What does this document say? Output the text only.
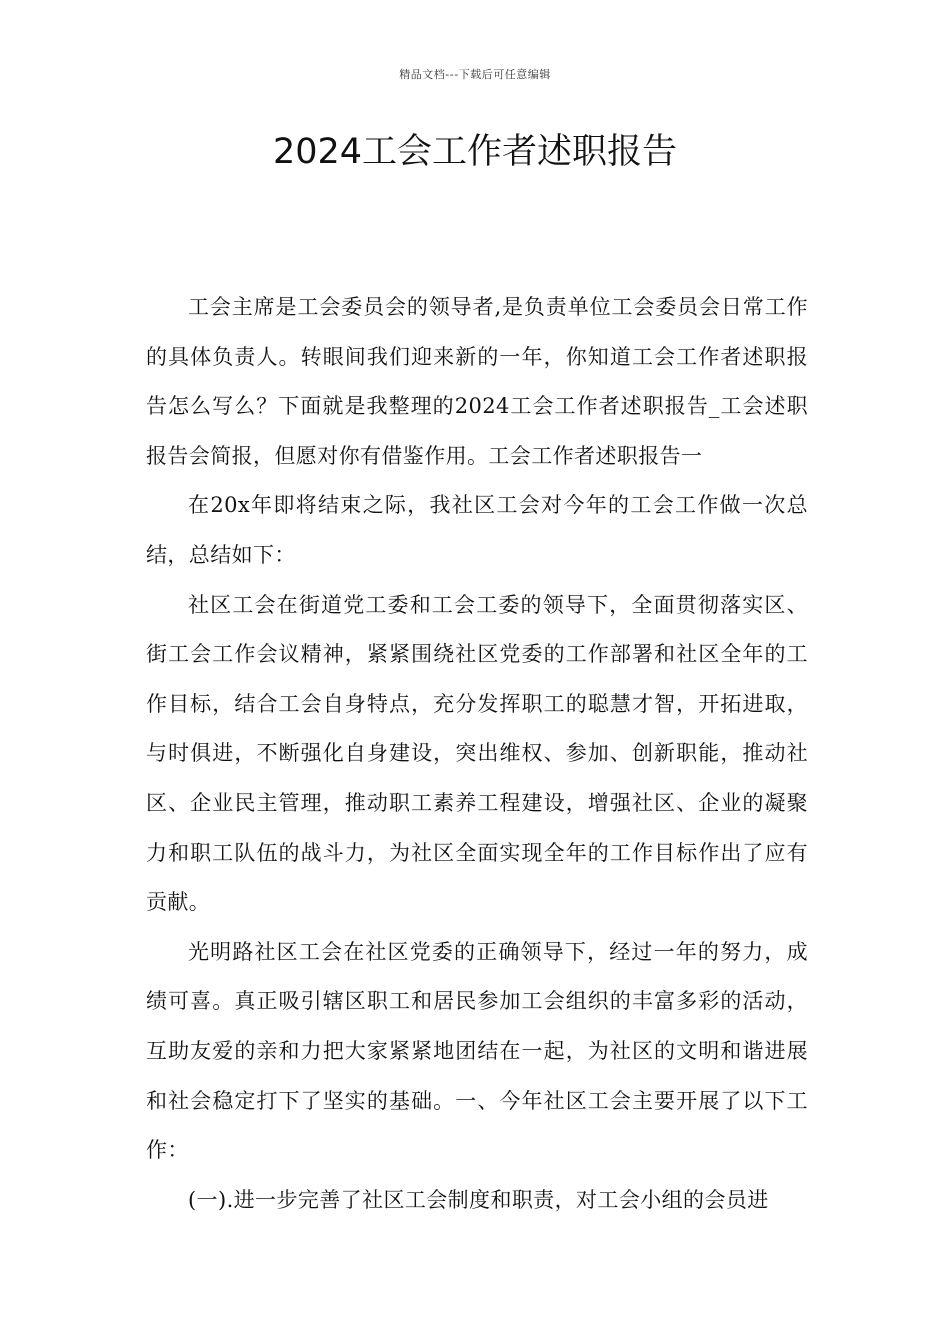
精品文档---下载后可任意编辑
2024工会工作者述职报告

工会主席是工会委员会的领导者,是负责单位工会委员会日常工作的具体负责人。转眼间我们迎来新的一年，你知道工会工作者述职报告怎么写么？下面就是我整理的2024工会工作者述职报告_工会述职报告会简报，但愿对你有借鉴作用。工会工作者述职报告一

在20x年即将结束之际，我社区工会对今年的工会工作做一次总结，总结如下：

社区工会在街道党工委和工会工委的领导下，全面贯彻落实区、街工会工作会议精神，紧紧围绕社区党委的工作部署和社区全年的工作目标，结合工会自身特点，充分发挥职工的聪慧才智，开拓进取，与时俱进，不断强化自身建设，突出维权、参加、创新职能，推动社区、企业民主管理，推动职工素养工程建设，增强社区、企业的凝聚力和职工队伍的战斗力，为社区全面实现全年的工作目标作出了应有贡献。

光明路社区工会在社区党委的正确领导下，经过一年的努力，成绩可喜。真正吸引辖区职工和居民参加工会组织的丰富多彩的活动，互助友爱的亲和力把大家紧紧地团结在一起，为社区的文明和谐进展和社会稳定打下了坚实的基础。一、今年社区工会主要开展了以下工作：

(一).进一步完善了社区工会制度和职责，对工会小组的会员进
